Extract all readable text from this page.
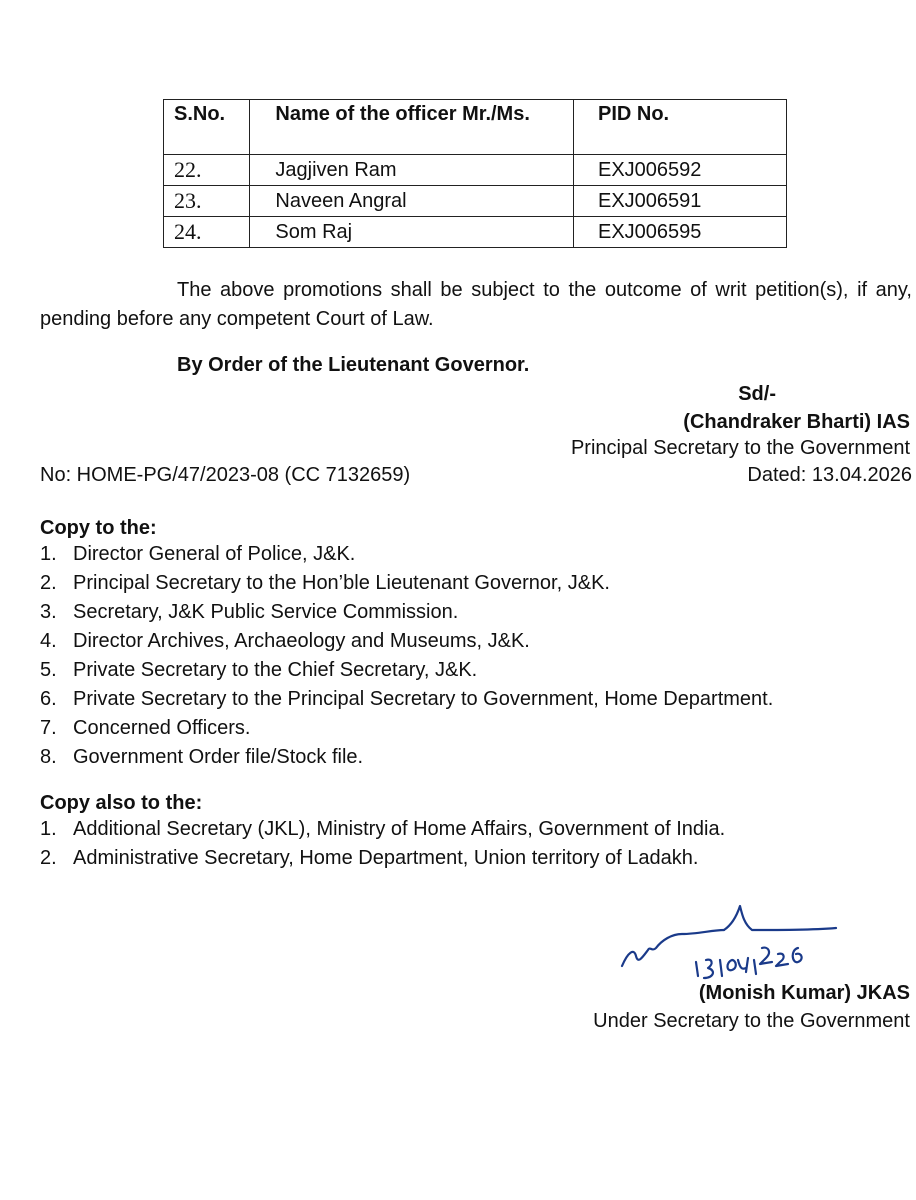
S.No.	Name of the officer Mr./Ms.	PID No.
22.	Jagjiven Ram	EXJ006592
23.	Naveen Angral	EXJ006591
24.	Som Raj	EXJ006595

The above promotions shall be subject to the outcome of writ petition(s), if any, pending before any competent Court of Law.

By Order of the Lieutenant Governor.

Sd/-

(Chandraker Bharti) IAS

Principal Secretary to the Government

No: HOME-PG/47/2023-08 (CC 7132659)	Dated: 13.04.2026

Copy to the:

1. Director General of Police, J&K.
2. Principal Secretary to the Hon’ble Lieutenant Governor, J&K.
3. Secretary, J&K Public Service Commission.
4. Director Archives, Archaeology and Museums, J&K.
5. Private Secretary to the Chief Secretary, J&K.
6. Private Secretary to the Principal Secretary to Government, Home Department.
7. Concerned Officers.
8. Government Order file/Stock file.

Copy also to the:

1. Additional Secretary (JKL), Ministry of Home Affairs, Government of India.
2. Administrative Secretary, Home Department, Union territory of Ladakh.

(Monish Kumar) JKAS

Under Secretary to the Government
